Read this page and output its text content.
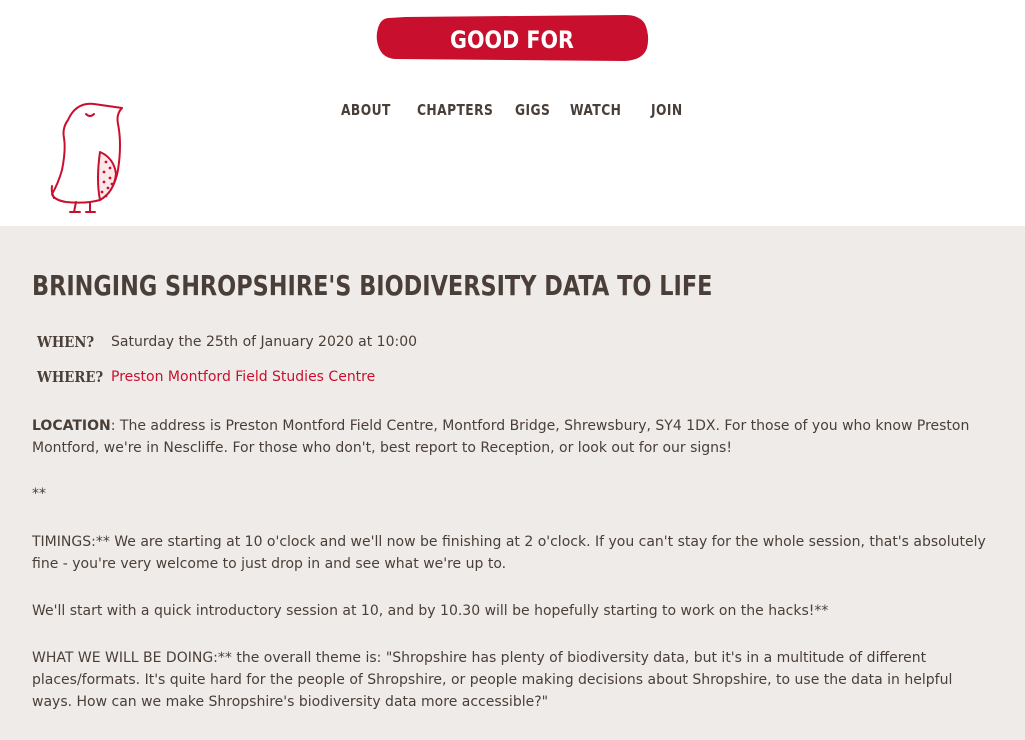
GOOD FOR NOTHING
ABOUT CHAPTERS GIGS WATCH JOIN
BRINGING SHROPSHIRE'S BIODIVERSITY DATA TO LIFE
WHEN? Saturday the 25th of January 2020 at 10:00
WHERE? Preston Montford Field Studies Centre

LOCATION: The address is Preston Montford Field Centre, Montford Bridge, Shrewsbury, SY4 1DX. For those of you who know Preston Montford, we're in Nescliffe. For those who don't, best report to Reception, or look out for our signs!

**

TIMINGS:** We are starting at 10 o'clock and we'll now be finishing at 2 o'clock. If you can't stay for the whole session, that's absolutely fine - you're very welcome to just drop in and see what we're up to.

We'll start with a quick introductory session at 10, and by 10.30 will be hopefully starting to work on the hacks!**

WHAT WE WILL BE DOING:** the overall theme is: "Shropshire has plenty of biodiversity data, but it's in a multitude of different places/formats. It's quite hard for the people of Shropshire, or people making decisions about Shropshire, to use the data in helpful ways. How can we make Shropshire's biodiversity data more accessible?"
